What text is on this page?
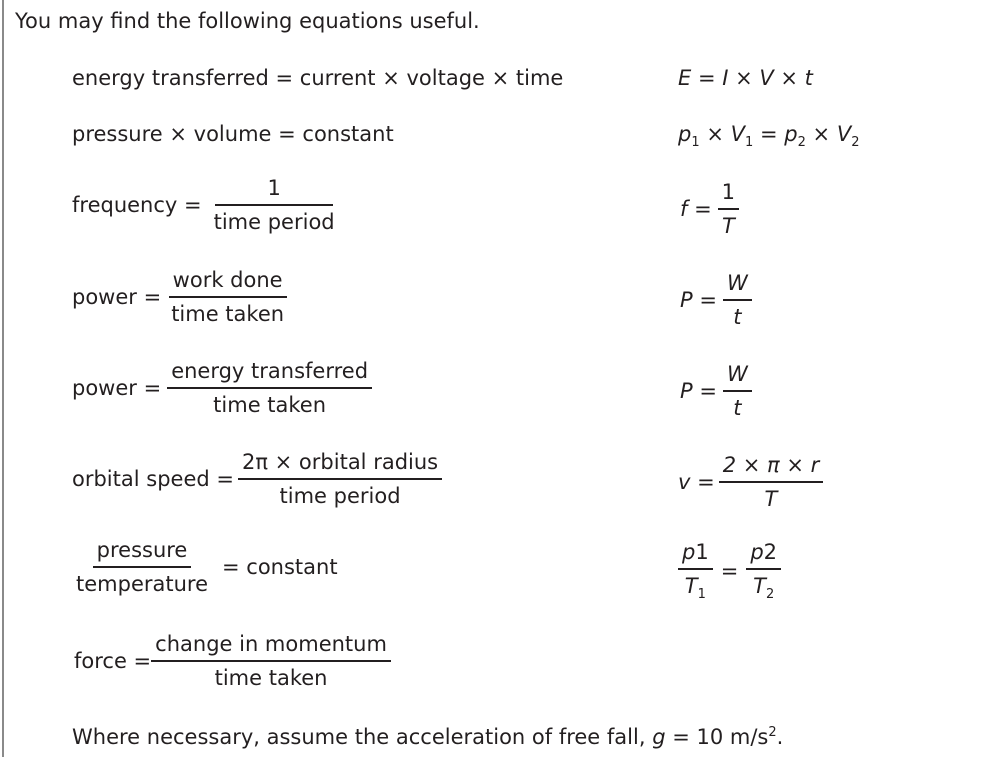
You may find the following equations useful.
energy transferred = current × voltage × time	E = I × V × t
pressure × volume = constant	$p_1 \times V_1 = p_2 \times V_2$
frequency = $\frac{1}{\text{time period}}$	$f = \frac{1}{T}$
power = $\frac{\text{work done}}{\text{time taken}}$	$P = \frac{W}{t}$
power = $\frac{\text{energy transferred}}{\text{time taken}}$	$P = \frac{W}{t}$
orbital speed = $\frac{\text{2π × orbital radius}}{\text{time period}}$	$v = \frac{2 \times \pi \times r}{T}$
$\frac{\text{pressure}}{\text{temperature}}$ = constant	$\frac{p1}{T_1} = \frac{p2}{T_2}$
force = $\frac{\text{change in momentum}}{\text{time taken}}$
Where necessary, assume the acceleration of free fall, g = 10 $m/s^2$.
